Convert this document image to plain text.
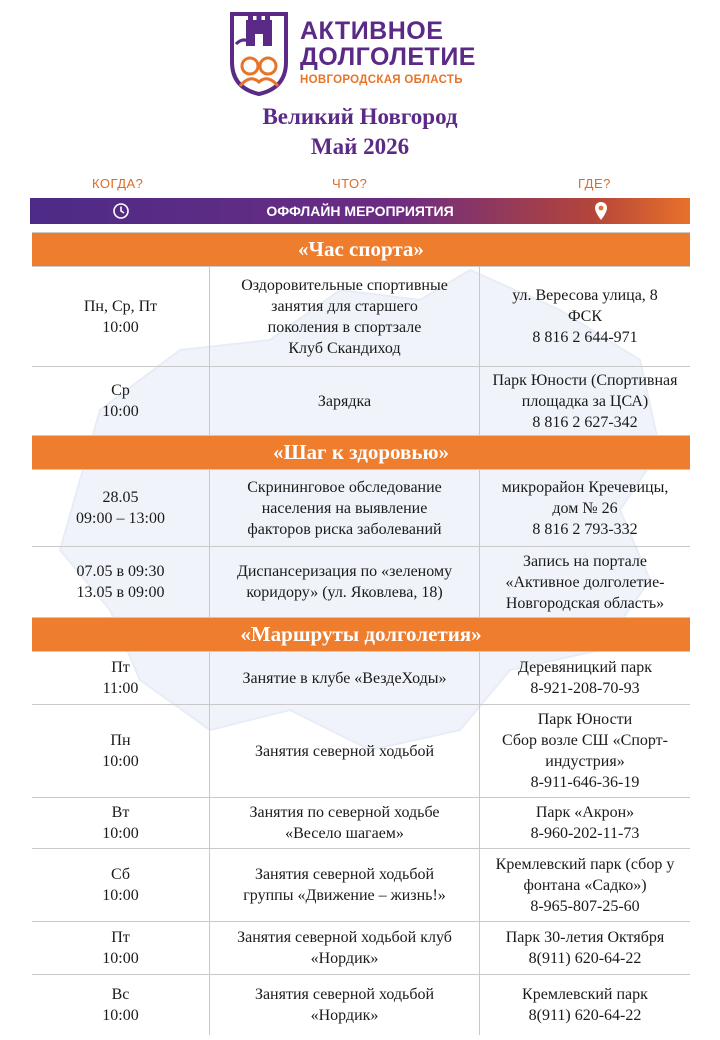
АКТИВНОЕ
ДОЛГОЛЕТИЕ
НОВГОРОДСКАЯ ОБЛАСТЬ
Великий Новгород
Май 2026
КОГДА?	ЧТО?	ГДЕ?
ОФФЛАЙН МЕРОПРИЯТИЯ
«Час спорта»
Пн, Ср, Пт
10:00
Оздоровительные спортивные
занятия для старшего
поколения в спортзале
Клуб Скандиход
ул. Вересова улица, 8
ФСК
8 816 2 644-971
Ср
10:00
Зарядка
Парк Юности (Спортивная
площадка за ЦСА)
8 816 2 627-342
«Шаг к здоровью»
28.05
09:00 – 13:00
Скрининговое обследование
населения на выявление
факторов риска заболеваний
микрорайон Кречевицы,
дом № 26
8 816 2 793-332
07.05 в 09:30
13.05 в 09:00
Диспансеризация по «зеленому
коридору» (ул. Яковлева, 18)
Запись на портале
«Активное долголетие-
Новгородская область»
«Маршруты долголетия»
Пт
11:00
Занятие в клубе «ВездеХоды»
Деревяницкий парк
8-921-208-70-93
Пн
10:00
Занятия северной ходьбой
Парк Юности
Сбор возле СШ «Спорт-
индустрия»
8-911-646-36-19
Вт
10:00
Занятия по северной ходьбе
«Весело шагаем»
Парк «Акрон»
8-960-202-11-73
Сб
10:00
Занятия северной ходьбой
группы «Движение – жизнь!»
Кремлевский парк (сбор у
фонтана «Садко»)
8-965-807-25-60
Пт
10:00
Занятия северной ходьбой клуб
«Нордик»
Парк 30-летия Октября
8(911) 620-64-22
Вс
10:00
Занятия северной ходьбой
«Нордик»
Кремлевский парк
8(911) 620-64-22
